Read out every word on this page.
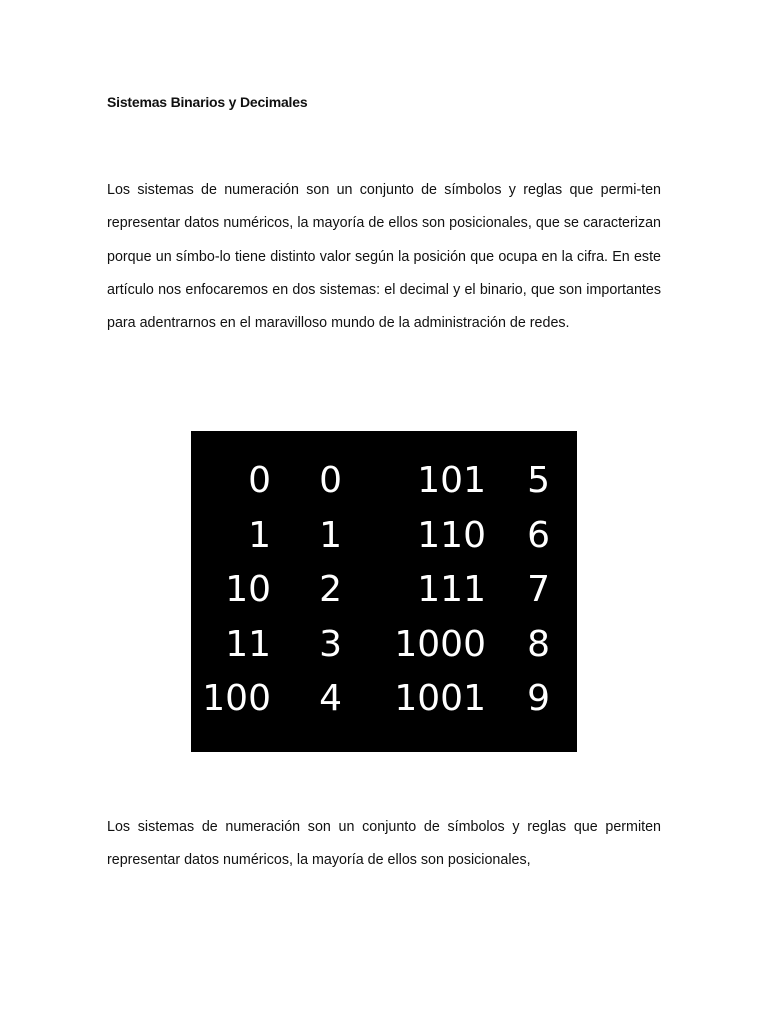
Sistemas Binarios y Decimales

Los sistemas de numeración son un conjunto de símbolos y reglas que permi-ten representar datos numéricos, la mayoría de ellos son posicionales, que se caracterizan porque un símbo-lo tiene distinto valor según la posición que ocupa en la cifra. En este artículo nos enfocaremos en dos sistemas: el decimal y el binario, que son importantes para adentrarnos en el maravilloso mundo de la administración de redes.

0 0
1 1
10 2
11 3
100 4
101 5
110 6
111 7
1000 8
1001 9

Los sistemas de numeración son un conjunto de símbolos y reglas que permiten representar datos numéricos, la mayoría de ellos son posicionales,
